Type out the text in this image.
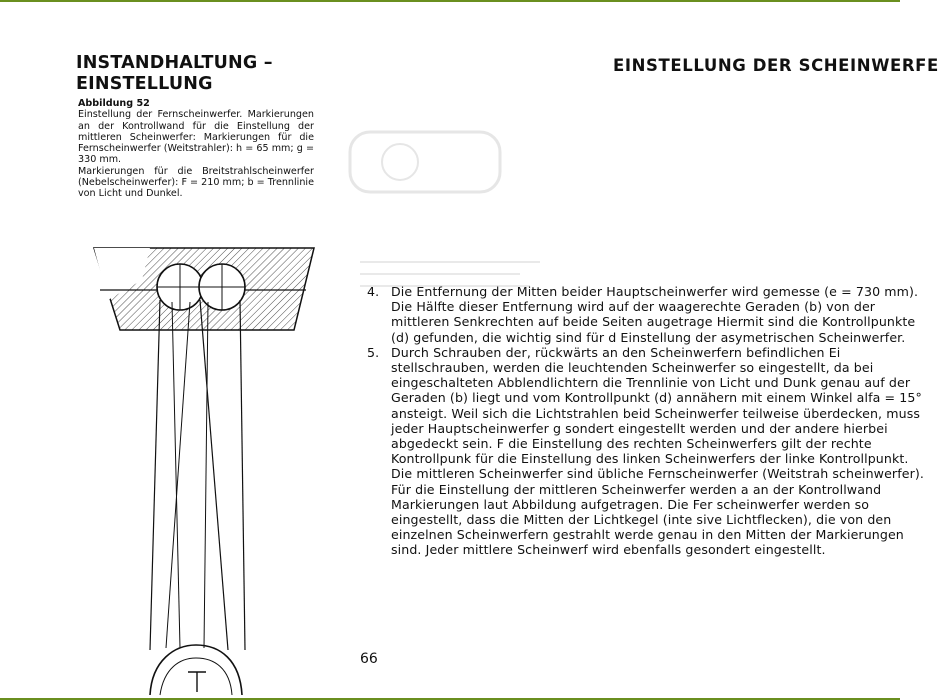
INSTANDHALTUNG – EINSTELLUNG
EINSTELLUNG DER SCHEINWERFE
Abbildung 52

Einstellung der Fernscheinwerfer. Markierungen an der Kontrollwand für die Einstellung der mittleren Scheinwerfer: Markierungen für die Fernscheinwerfer (Weitstrahler): h = 65 mm; g = 330 mm.

Markierungen für die Breitstrahlscheinwerfer (Nebelscheinwerfer): F = 210 mm; b = Trennlinie von Licht und Dunkel.

4. Die Entfernung der Mitten beider Hauptscheinwerfer wird gemesse (e = 730 mm). Die Hälfte dieser Entfernung wird auf der waagerechte Geraden (b) von der mittleren Senkrechten auf beide Seiten augetrage Hiermit sind die Kontrollpunkte (d) gefunden, die wichtig sind für d Einstellung der asymetrischen Scheinwerfer.

5. Durch Schrauben der, rückwärts an den Scheinwerfern befindlichen Ei stellschrauben, werden die leuchtenden Scheinwerfer so eingestellt, da bei eingeschalteten Abblendlichtern die Trennlinie von Licht und Dunk genau auf der Geraden (b) liegt und vom Kontrollpunkt (d) annähern mit einem Winkel alfa = 15° ansteigt. Weil sich die Lichtstrahlen beid Scheinwerfer teilweise überdecken, muss jeder Hauptscheinwerfer g sondert eingestellt werden und der andere hierbei abgedeckt sein. F die Einstellung des rechten Scheinwerfers gilt der rechte Kontrollpunk für die Einstellung des linken Scheinwerfers der linke Kontrollpunkt.

Die mittleren Scheinwerfer sind übliche Fernscheinwerfer (Weitstrah scheinwerfer). Für die Einstellung der mittleren Scheinwerfer werden a an der Kontrollwand Markierungen laut Abbildung aufgetragen. Die Fer scheinwerfer werden so eingestellt, dass die Mitten der Lichtkegel (inte sive Lichtflecken), die von den einzelnen Scheinwerfern gestrahlt werde genau in den Mitten der Markierungen sind. Jeder mittlere Scheinwerf wird ebenfalls gesondert eingestellt.

66
